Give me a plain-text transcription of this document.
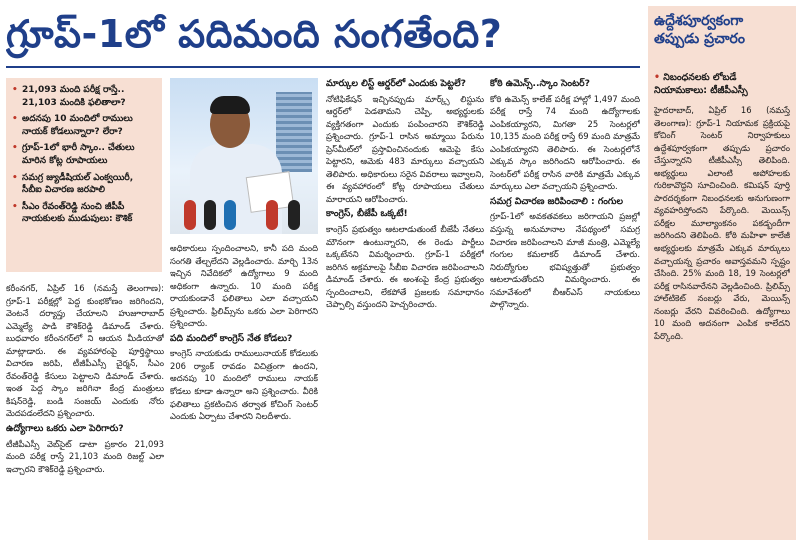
గ్రూప్-1లో పదిమంది సంగతేంది?
• 21,093 మంది పరీక్ష రాస్తే.. 21,103 మందికి ఫలితాలా?
• అదనపు 10 మందిలో రాములు నాయక్ కోడలున్నారా? లేరా?
• గ్రూప్-1లో భారీ స్కాం.. చేతులు మారిన కోట్ల రూపాయలు
• సమగ్ర జ్యుడీషియల్ ఎంక్వయిరీ, సీబీఐ విచారణ జరపాలి
• సీఎం రేవంత్‌రెడ్డి నుంచి జీపీపీ నాయకులకు ముడుపులు: కౌశిక్

కరీంనగర్, ఏప్రిల్ 16 (నమస్తే తెలంగాణ): గ్రూప్-1 పరీక్షల్లో పెద్ద కుంభకోణం జరిగిందని, వెంటనే దర్యాప్తు చేయాలని హుజూరాబాద్ ఎమ్మెల్యే పాడి కౌశిక్‌రెడ్డి డిమాండ్ చేశారు. బుధవారం కరీంనగర్‌లో ని ఆయన మీడియాతో మాట్లాడారు. ఈ వ్యవహారంపై పూర్తిస్థాయి విచారణ జరిపి, టీజీపీఎస్సీ చైర్మన్, సీఎం రేవంత్‌రెడ్డి కేసులు పెట్టాలని డిమాండ్ చేశారు. ఇంత పెద్ద స్కాం జరిగినా కేంద్ర మంత్రులు కిషన్‌రెడ్డి, బండి సంజయ్ ఎందుకు నోరు మెదపడంలేదని ప్రశ్నించారు.

ఉద్యోగాలు ఒకరు ఎలా పెరిగారు?

టీజీపీఎస్సీ వెబ్‌సైట్ డాటా ప్రకారం 21,093 మంది పరీక్ష రాస్తే 21,103 మంది రిజల్ట్ ఎలా ఇచ్చారని కౌశిక్‌రెడ్డి ప్రశ్నించారు.

అధికారులు స్పందించాలని, కానీ పది మంది సంగతి తేల్చలేదని వెల్లడించారు. మార్చి 13న ఇచ్చిన నివేదికలో ఉద్యోగాలు 9 మంది అధికంగా ఉన్నారు. 10 మంది పరీక్ష రాయకుండానే ఫలితాలు ఎలా వచ్చాయని ప్రశ్నించారు. ఫ్రిలిమ్స్‌ను ఒకరు ఎలా పెరిగారని ప్రశ్నించారు.

పది మందిలో కాంగ్రెస్ నేత కోడలు?

కాంగ్రెస్ నాయకుడు రాములునాయక్ కోడలుకు 206 ర్యాంక్ రావడం విచిత్రంగా ఉందని, అదనపు 10 మందిలో రాములు నాయక్ కోడలు కూడా ఉన్నారా అని ప్రశ్నించారు. వీరికి ఫలితాలు ప్రకటించిన తర్వాత కోచింగ్ సెంటర్ ఎందుకు ఏర్పాటు చేశారని నిలదీశారు.

మార్కుల లిస్ట్ ఆర్డర్‌లో ఎందుకు పెట్టలే?

నోటిఫికేషన్ ఇచ్చినప్పుడు మార్క్స్ లిస్టును ఆర్డర్‌లో పెడతామని చెప్పి, అభ్యర్థులకు వ్యక్తిగతంగా ఎందుకు పంపించారని కౌశిక్‌రెడ్డి ప్రశ్నించారు. గ్రూప్-1 రాసిన అమ్మాయి పేరును ప్రెస్‌మీట్‌లో ప్రస్తావించినందుకు ఆమెపై కేసు పెట్టారని, ఆమెకు 483 మార్కులు వచ్చాయని తెలిపారు. అధికారులు సరైన వివరాలు ఇవ్వాలని, ఈ వ్యవహారంలో కోట్ల రూపాయలు చేతులు మారాయని ఆరోపించారు.

కాంగ్రెస్, బీజేపీ ఒక్కటే!

కాంగ్రెస్ ప్రభుత్వం ఆటలాడుతుంటే బీజేపీ నేతలు మౌనంగా ఉంటున్నారని, ఈ రెండు పార్టీలు ఒక్కటేనని విమర్శించారు. గ్రూప్-1 పరీక్షలో జరిగిన అక్రమాలపై సీబీఐ విచారణ జరిపించాలని డిమాండ్ చేశారు. ఈ అంశంపై కేంద్ర ప్రభుత్వం స్పందించాలని, లేకపోతే ప్రజలకు సమాధానం చెప్పాల్సి వస్తుందని హెచ్చరించారు.

కోఠి ఉమెన్స్..స్కాం సెంటర్?

కోఠి ఉమెన్స్ కాలేజ్ పరీక్ష హాల్లో 1,497 మంది పరీక్ష రాస్తే 74 మంది ఉద్యోగాలకు ఎంపికయ్యారని, మిగతా 25 సెంటర్లలో 10,135 మంది పరీక్ష రాస్తే 69 మంది మాత్రమే ఎంపికయ్యారని తెలిపారు. ఈ సెంటర్లలోనే ఎక్కువ స్కాం జరిగిందని ఆరోపించారు. ఈ సెంటర్‌లో పరీక్ష రాసిన వారికి మాత్రమే ఎక్కువ మార్కులు ఎలా వచ్చాయని ప్రశ్నించారు.

సమగ్ర విచారణ జరిపించాలి : గంగుల

గ్రూప్-1లో అవకతవకలు జరిగాయని ప్రజల్లో వస్తున్న అనుమానాల నేపథ్యంలో సమగ్ర విచారణ జరిపించాలని మాజీ మంత్రి, ఎమ్మెల్యే గంగుల కమలాకర్ డిమాండ్ చేశారు. నిరుద్యోగుల భవిష్యత్తుతో ప్రభుత్వం ఆటలాడుతోందని విమర్శించారు. ఈ సమావేశంలో బీఆర్ఎస్ నాయకులు పాల్గొన్నారు.

ఉద్దేశపూర్వకంగా తప్పుడు ప్రచారం
• నిబంధనలకు లోబడే నియామకాలు: టీజీపీఎస్సీ
హైదరాబాద్, ఏప్రిల్ 16 (నమస్తే తెలంగాణ): గ్రూప్-1 నియామక ప్రక్రియపై కోచింగ్ సెంటర్ నిర్వాహకులు ఉద్దేశపూర్వకంగా తప్పుడు ప్రచారం చేస్తున్నారని టీజీపీఎస్సీ తెలిపింది. అభ్యర్థులు ఎలాంటి అపోహలకు గురికావొద్దని సూచించింది. కమిషన్ పూర్తి పారదర్శకంగా నిబంధనలకు అనుగుణంగా వ్యవహరిస్తోందని పేర్కొంది. మెయిన్స్ పరీక్షల మూల్యాంకనం పకడ్బందీగా జరిగిందని తెలిపింది. కోఠి మహిళా కాలేజీ అభ్యర్థులకు మాత్రమే ఎక్కువ మార్కులు వచ్చాయన్న ప్రచారం అవాస్తవమని స్పష్టం చేసింది. 25% మంది 18, 19 సెంటర్లలో పరీక్ష రాసినవారేనని వెల్లడించింది. ప్రిలిమ్స్ హాల్‌టికెట్ నంబర్లు వేరు, మెయిన్స్ నంబర్లు వేరని వివరించింది. ఉద్యోగాలు 10 మంది అదనంగా ఎంపిక కాలేదని పేర్కొంది.
